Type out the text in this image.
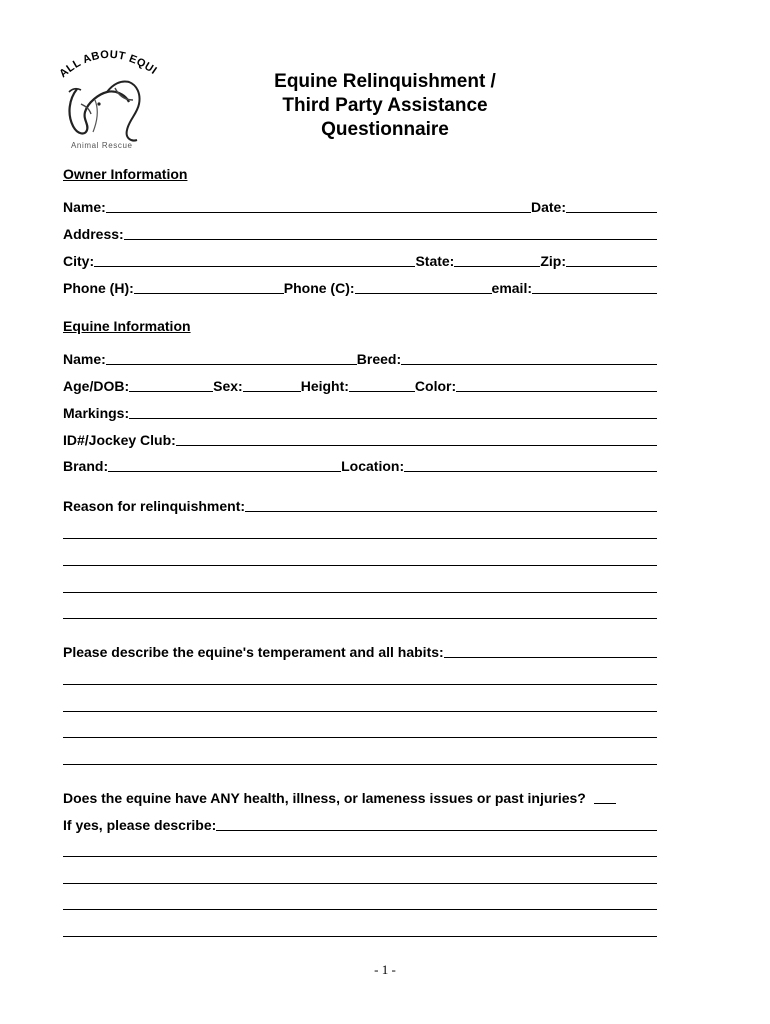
ALL ABOUT EQUI
Animal Rescue
Equine Relinquishment /
Third Party Assistance
Questionnaire
Owner Information
Name:	Date:
Address:
City:	State:	Zip:
Phone (H):	Phone (C):	email:
Equine Information
Name:	Breed:
Age/DOB:	Sex:	Height:	Color:
Markings:
ID#/Jockey Club:
Brand:	Location:
Reason for relinquishment:
Please describe the equine's temperament and all habits:
Does the equine have ANY health, illness, or lameness issues or past injuries?
If yes, please describe:
- 1 -
